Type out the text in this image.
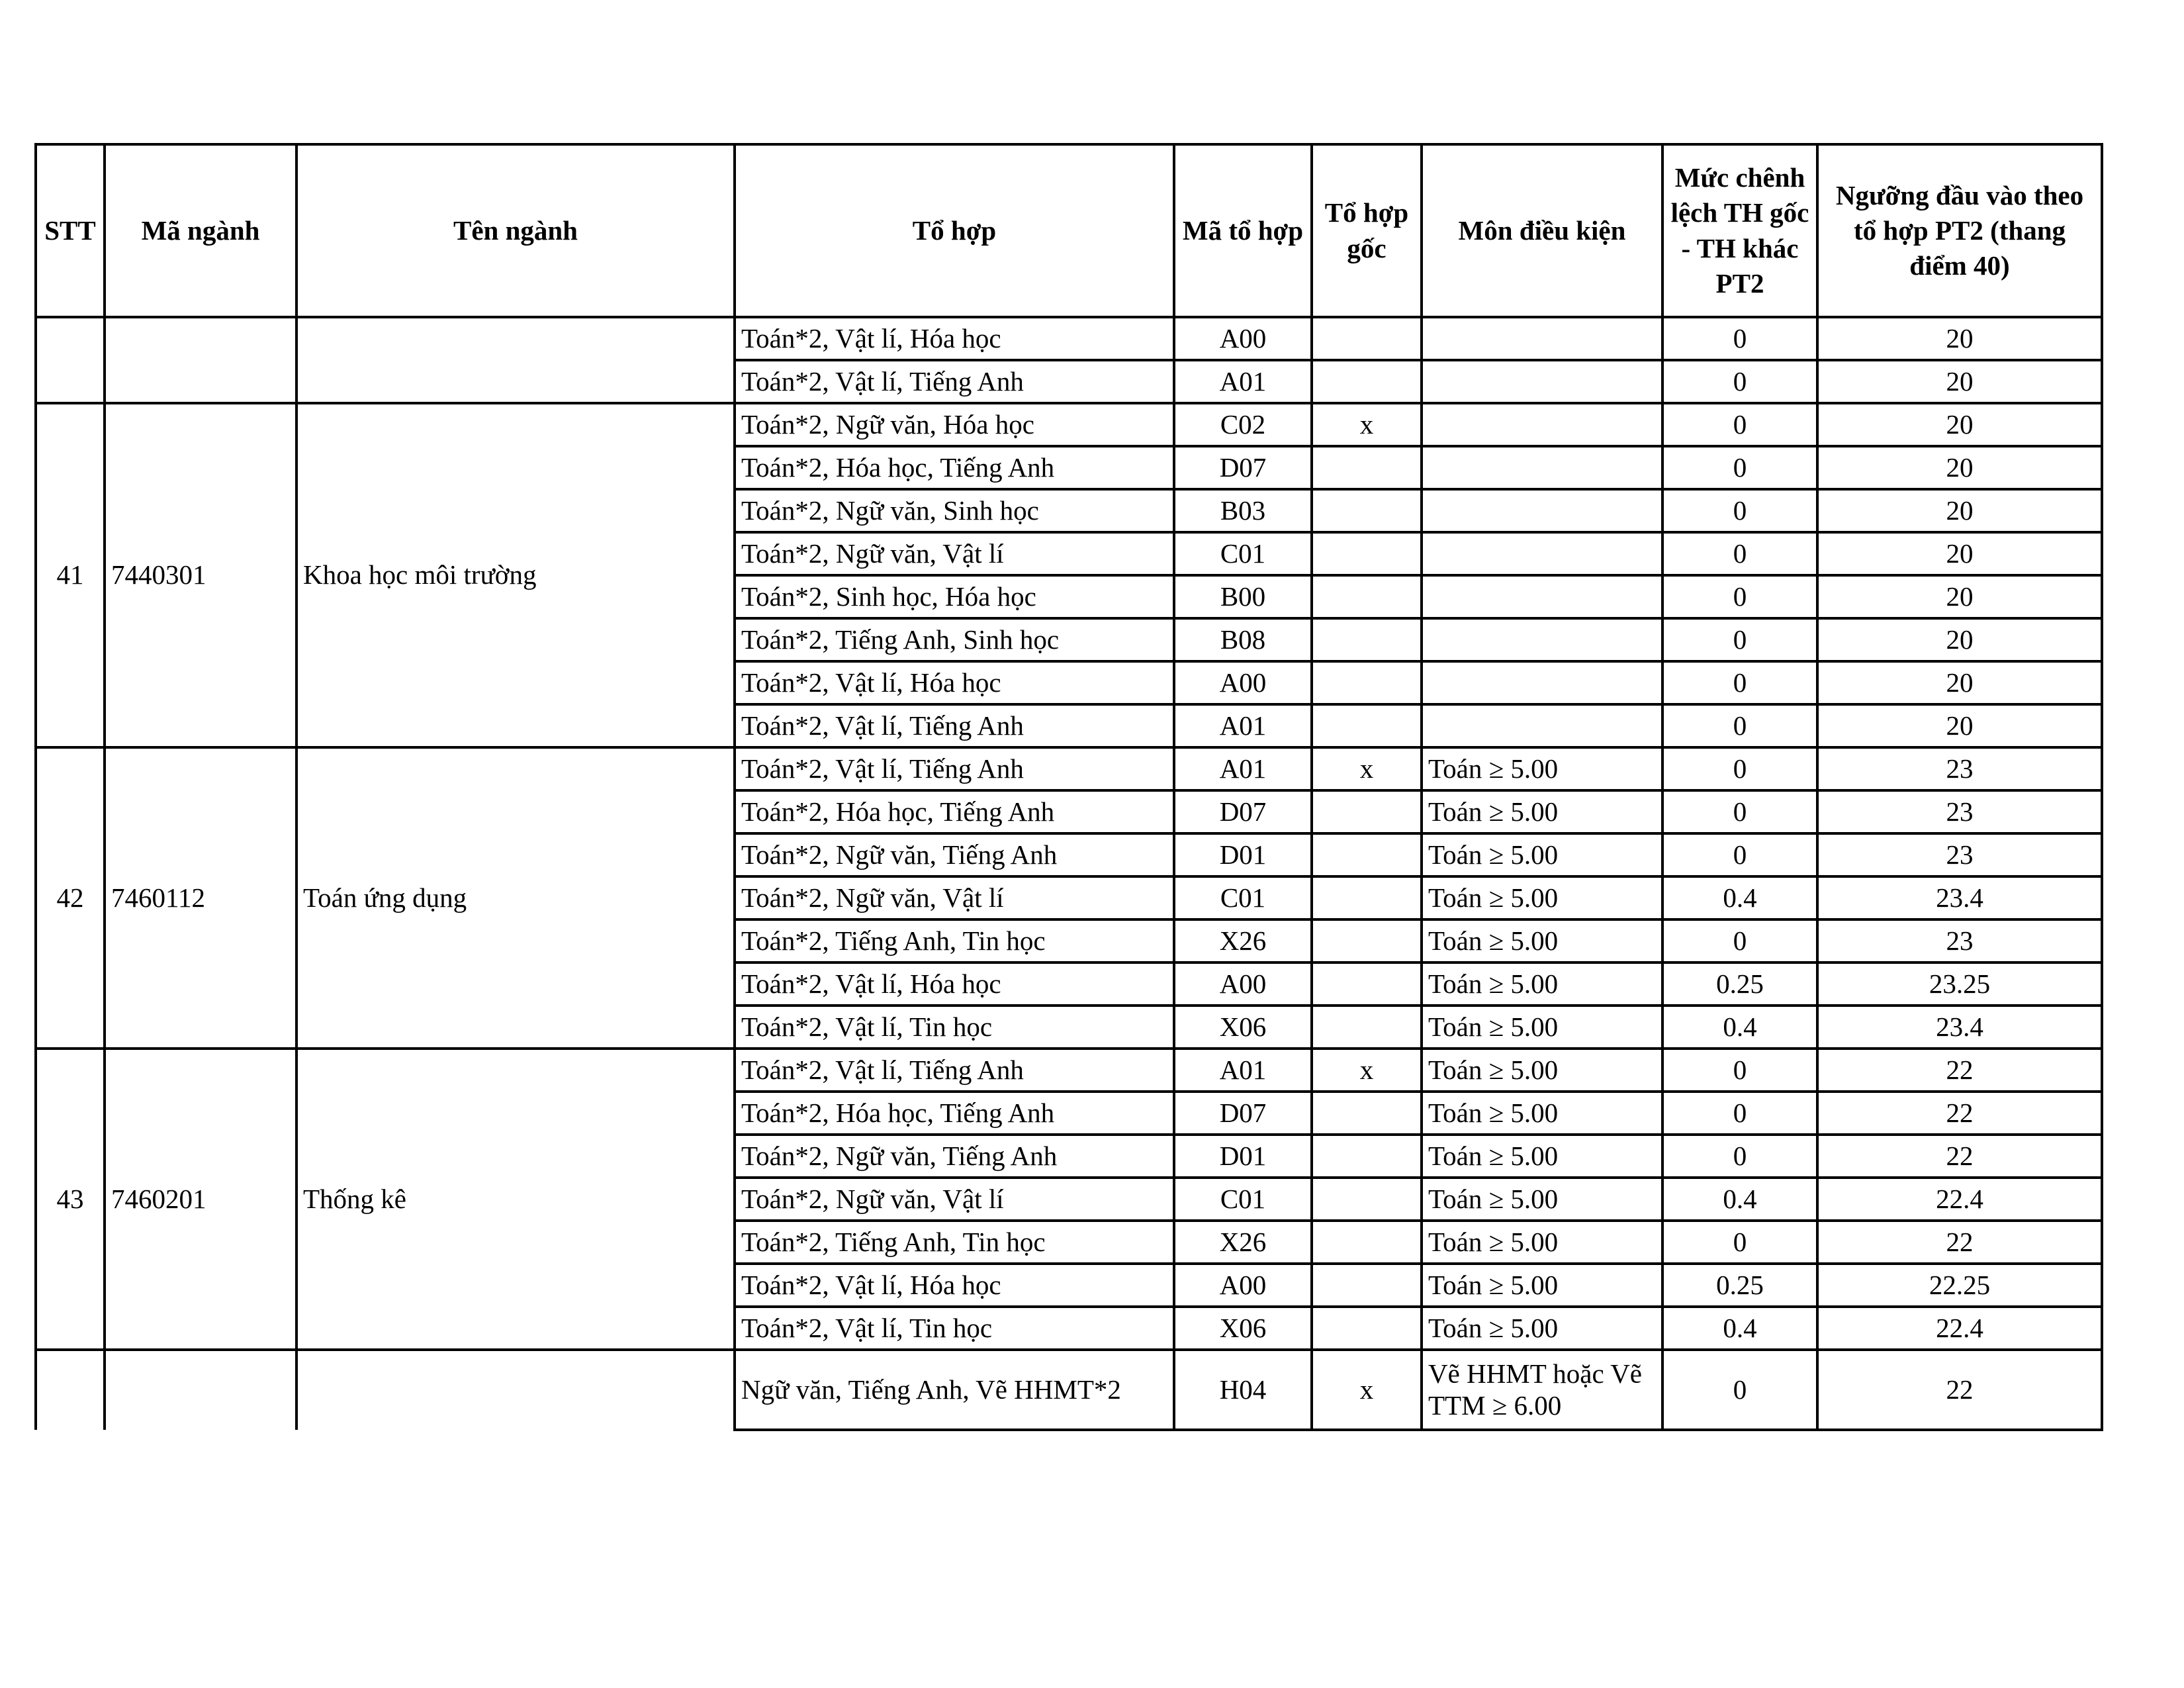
STT	Mã ngành	Tên ngành	Tổ hợp	Mã tổ hợp	Tổ hợp gốc	Môn điều kiện	Mức chênh lệch TH gốc - TH khác PT2	Ngưỡng đầu vào theo tổ hợp PT2 (thang điểm 40)
			Toán*2, Vật lí, Hóa học	A00			0	20
			Toán*2, Vật lí, Tiếng Anh	A01			0	20
41	7440301	Khoa học môi trường	Toán*2, Ngữ văn, Hóa học	C02	x		0	20
			Toán*2, Hóa học, Tiếng Anh	D07			0	20
			Toán*2, Ngữ văn, Sinh học	B03			0	20
			Toán*2, Ngữ văn, Vật lí	C01			0	20
			Toán*2, Sinh học, Hóa học	B00			0	20
			Toán*2, Tiếng Anh, Sinh học	B08			0	20
			Toán*2, Vật lí, Hóa học	A00			0	20
			Toán*2, Vật lí, Tiếng Anh	A01			0	20
42	7460112	Toán ứng dụng	Toán*2, Vật lí, Tiếng Anh	A01	x	Toán ≥ 5.00	0	23
			Toán*2, Hóa học, Tiếng Anh	D07		Toán ≥ 5.00	0	23
			Toán*2, Ngữ văn, Tiếng Anh	D01		Toán ≥ 5.00	0	23
			Toán*2, Ngữ văn, Vật lí	C01		Toán ≥ 5.00	0.4	23.4
			Toán*2, Tiếng Anh, Tin học	X26		Toán ≥ 5.00	0	23
			Toán*2, Vật lí, Hóa học	A00		Toán ≥ 5.00	0.25	23.25
			Toán*2, Vật lí, Tin học	X06		Toán ≥ 5.00	0.4	23.4
43	7460201	Thống kê	Toán*2, Vật lí, Tiếng Anh	A01	x	Toán ≥ 5.00	0	22
			Toán*2, Hóa học, Tiếng Anh	D07		Toán ≥ 5.00	0	22
			Toán*2, Ngữ văn, Tiếng Anh	D01		Toán ≥ 5.00	0	22
			Toán*2, Ngữ văn, Vật lí	C01		Toán ≥ 5.00	0.4	22.4
			Toán*2, Tiếng Anh, Tin học	X26		Toán ≥ 5.00	0	22
			Toán*2, Vật lí, Hóa học	A00		Toán ≥ 5.00	0.25	22.25
			Toán*2, Vật lí, Tin học	X06		Toán ≥ 5.00	0.4	22.4
			Ngữ văn, Tiếng Anh, Vẽ HHMT*2	H04	x	Vẽ HHMT hoặc Vẽ TTM ≥ 6.00	0	22
